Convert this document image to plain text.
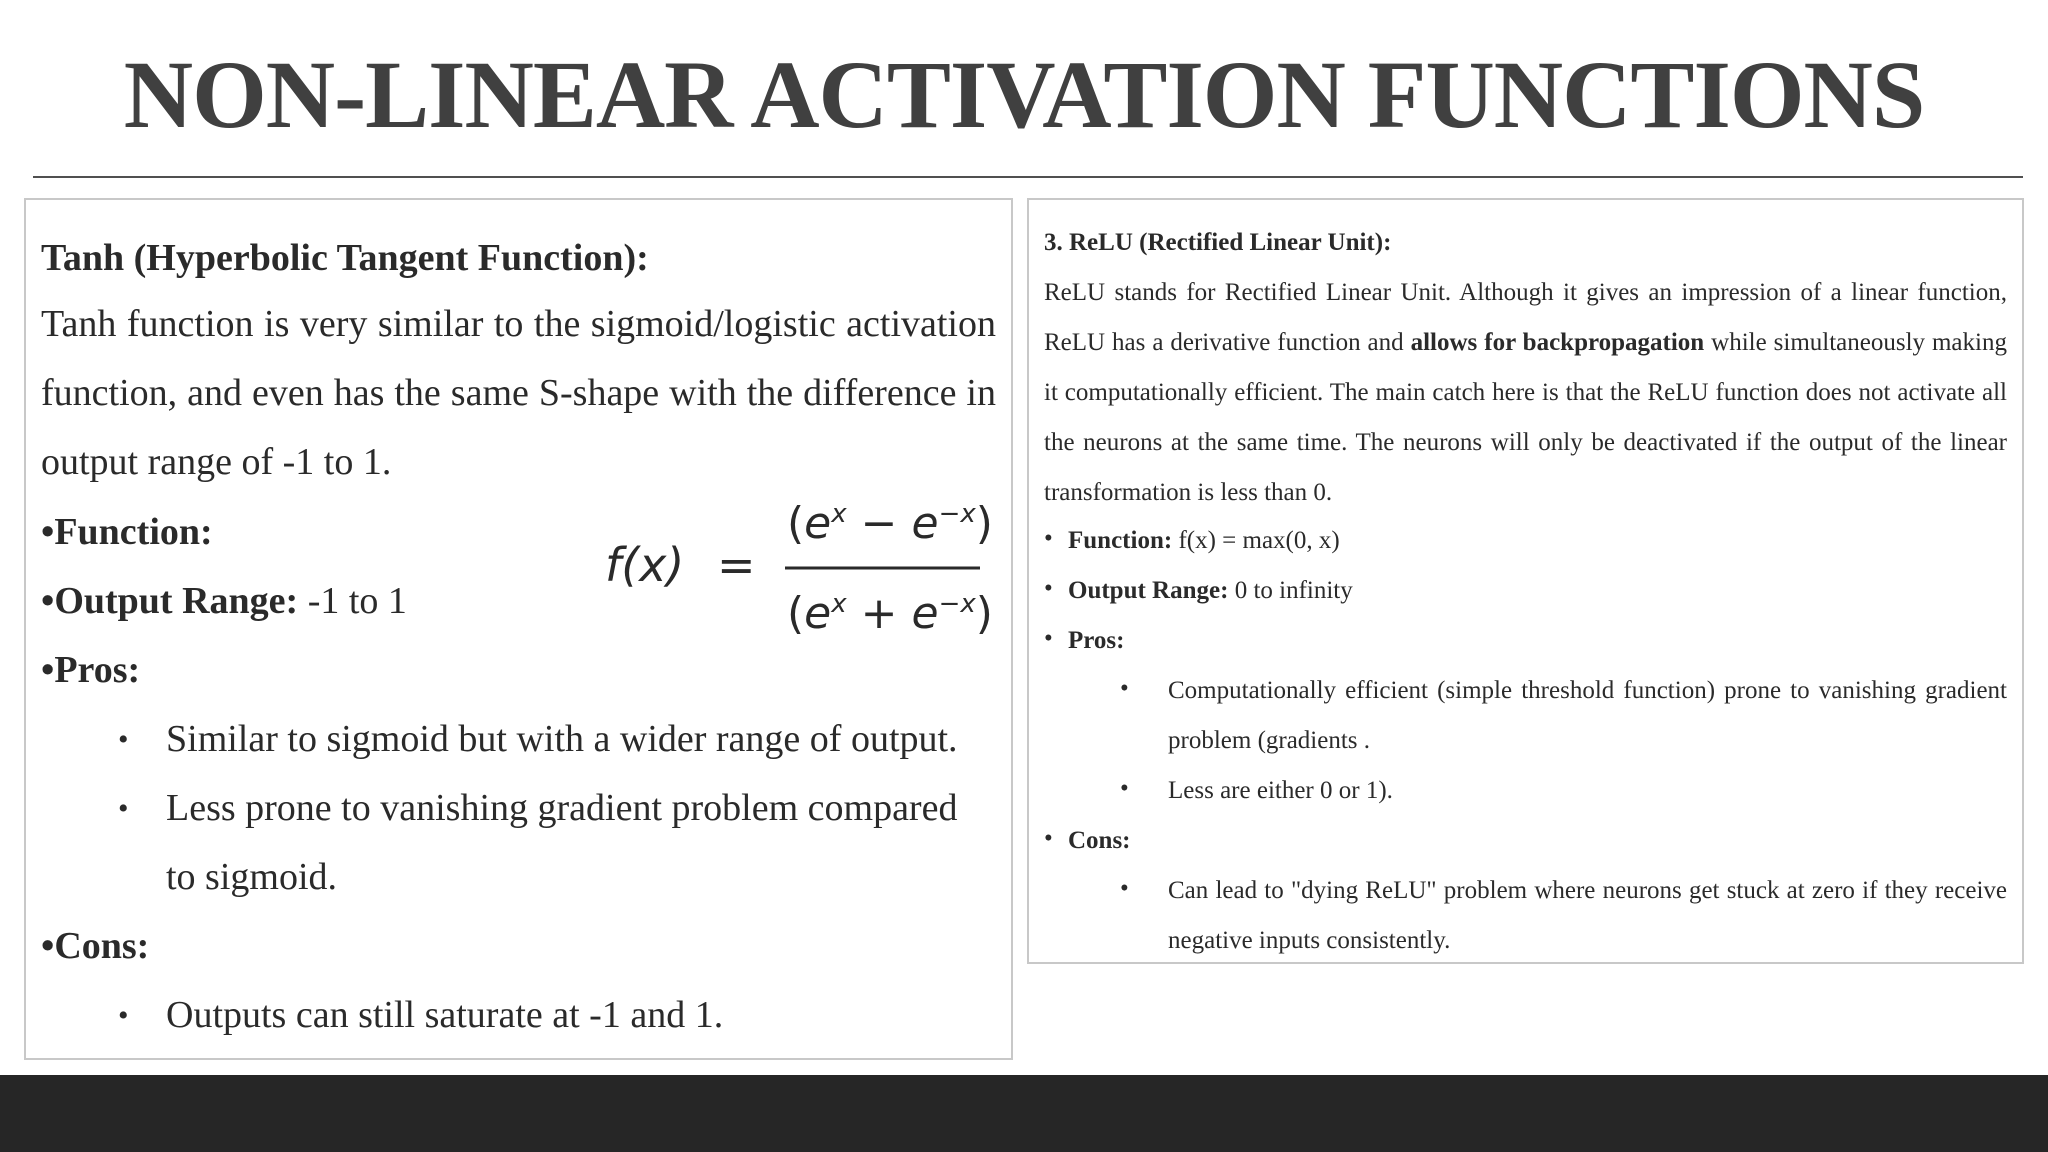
NON-LINEAR ACTIVATION FUNCTIONS

Tanh (Hyperbolic Tangent Function):

Tanh function is very similar to the sigmoid/logistic activation function, and even has the same S-shape with the difference in output range of -1 to 1.

•Function:

•Output Range: -1 to 1

•Pros:

• Similar to sigmoid but with a wider range of output.
• Less prone to vanishing gradient problem compared to sigmoid.

•Cons:

• Outputs can still saturate at -1 and 1.
f(x) =
$(e^x - e^{-x})$
$(e^x + e^{-x})$

3. ReLU (Rectified Linear Unit):

ReLU stands for Rectified Linear Unit. Although it gives an impression of a linear function, ReLU has a derivative function and allows for backpropagation while simultaneously making it computationally efficient. The main catch here is that the ReLU function does not activate all the neurons at the same time. The neurons will only be deactivated if the output of the linear transformation is less than 0.

• Function: f(x) = max(0, x)
• Output Range: 0 to infinity
• Pros:
• Computationally efficient (simple threshold function) prone to vanishing gradient problem (gradients .
• Less are either 0 or 1).
• Cons:
• Can lead to "dying ReLU" problem where neurons get stuck at zero if they receive negative inputs consistently.
